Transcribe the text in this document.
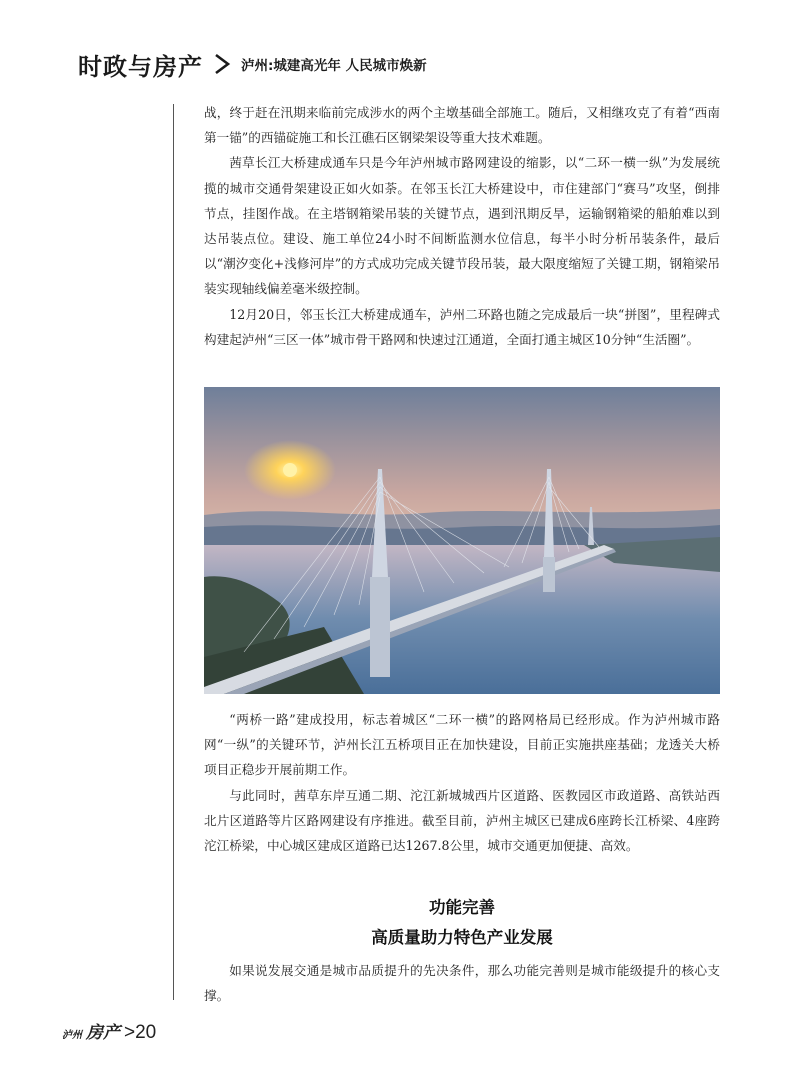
时政与房产	泸州:城建高光年 人民城市焕新

战，终于赶在汛期来临前完成涉水的两个主墩基础全部施工。随后，又相继攻克了有着“西南第一锚”的西锚碇施工和长江礁石区钢梁架设等重大技术难题。

茜草长江大桥建成通车只是今年泸州城市路网建设的缩影，以“二环一横一纵”为发展统揽的城市交通骨架建设正如火如荼。在邻玉长江大桥建设中，市住建部门“赛马”攻坚，倒排节点，挂图作战。在主塔钢箱梁吊装的关键节点，遇到汛期反旱，运输钢箱梁的船舶难以到达吊装点位。建设、施工单位24小时不间断监测水位信息，每半小时分析吊装条件，最后以“潮汐变化+浅修河岸”的方式成功完成关键节段吊装，最大限度缩短了关键工期，钢箱梁吊装实现轴线偏差毫米级控制。

12月20日，邻玉长江大桥建成通车，泸州二环路也随之完成最后一块“拼图”，里程碑式构建起泸州“三区一体”城市骨干路网和快速过江通道，全面打通主城区10分钟“生活圈”。

“两桥一路”建成投用，标志着城区“二环一横”的路网格局已经形成。作为泸州城市路网“一纵”的关键环节，泸州长江五桥项目正在加快建设，目前正实施拱座基础；龙透关大桥项目正稳步开展前期工作。

与此同时，茜草东岸互通二期、沱江新城城西片区道路、医教园区市政道路、高铁站西北片区道路等片区路网建设有序推进。截至目前，泸州主城区已建成6座跨长江桥梁、4座跨沱江桥梁，中心城区建成区道路已达1267.8公里，城市交通更加便捷、高效。

功能完善
高质量助力特色产业发展

如果说发展交通是城市品质提升的先决条件，那么功能完善则是城市能级提升的核心支撑。

泸州 房产 >20
